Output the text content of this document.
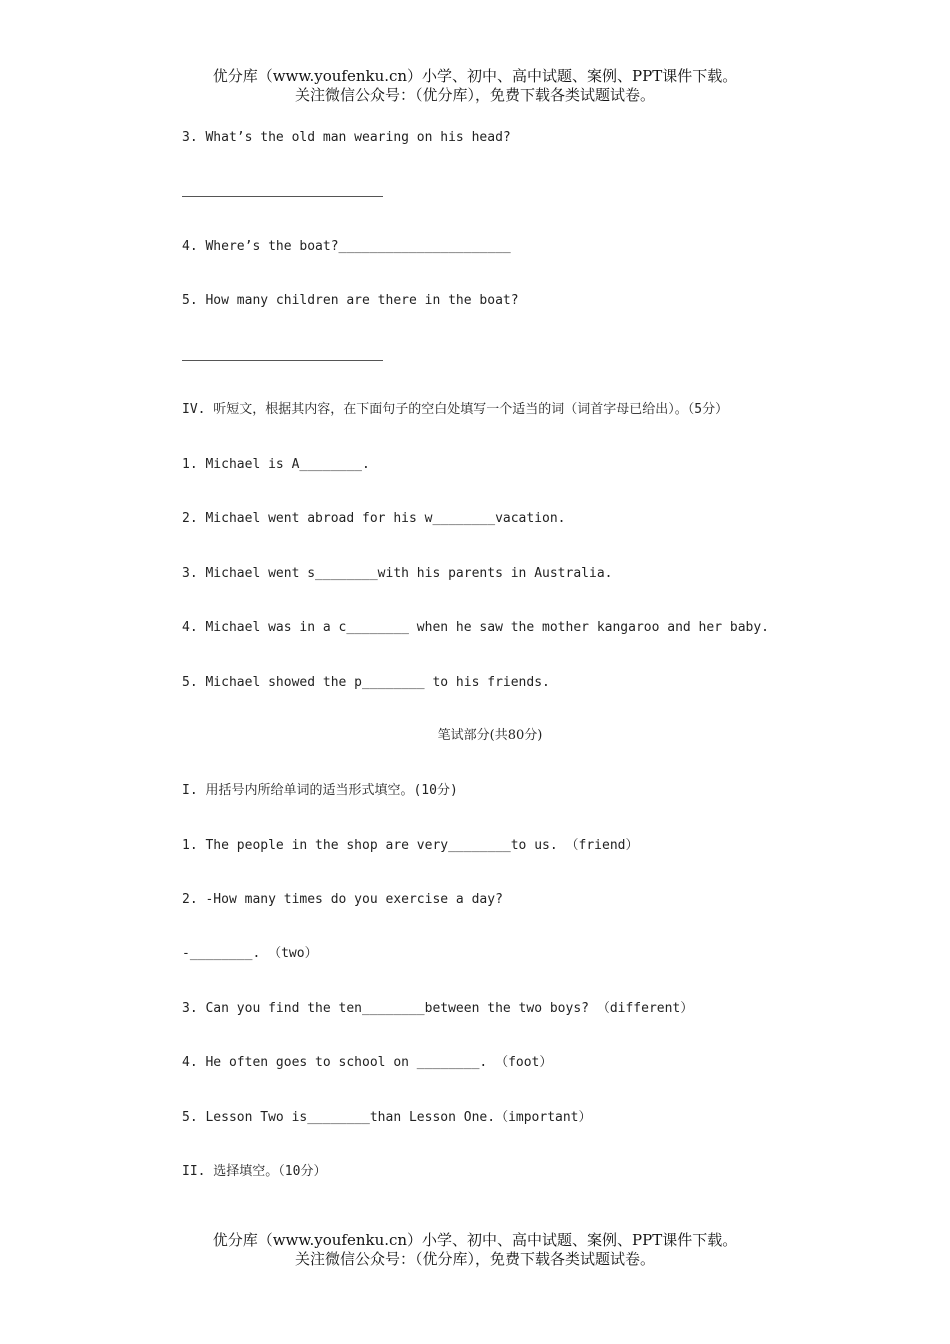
优分库（www.youfenku.cn）小学、初中、高中试题、案例、PPT课件下载。
关注微信公众号：（优分库），免费下载各类试题试卷。
3. What’s the old man wearing on his head?
4. Where’s the boat?______________________
5. How many children are there in the boat?
IV. 听短文，根据其内容，在下面句子的空白处填写一个适当的词（词首字母已给出）。（5分）
1. Michael is A________.
2. Michael went abroad for his w________vacation.
3. Michael went s________with his parents in Australia.
4. Michael was in a c________ when he saw the mother kangaroo and her baby.
5. Michael showed the p________ to his friends.
笔试部分(共80分)
I. 用括号内所给单词的适当形式填空。(10分)
1. The people in the shop are very________to us. （friend）
2. -How many times do you exercise a day?
-________. （two）
3. Can you find the ten________between the two boys? （different）
4. He often goes to school on ________. （foot）
5. Lesson Two is________than Lesson One.（important）
II. 选择填空。（10分）
优分库（www.youfenku.cn）小学、初中、高中试题、案例、PPT课件下载。
关注微信公众号：（优分库），免费下载各类试题试卷。
